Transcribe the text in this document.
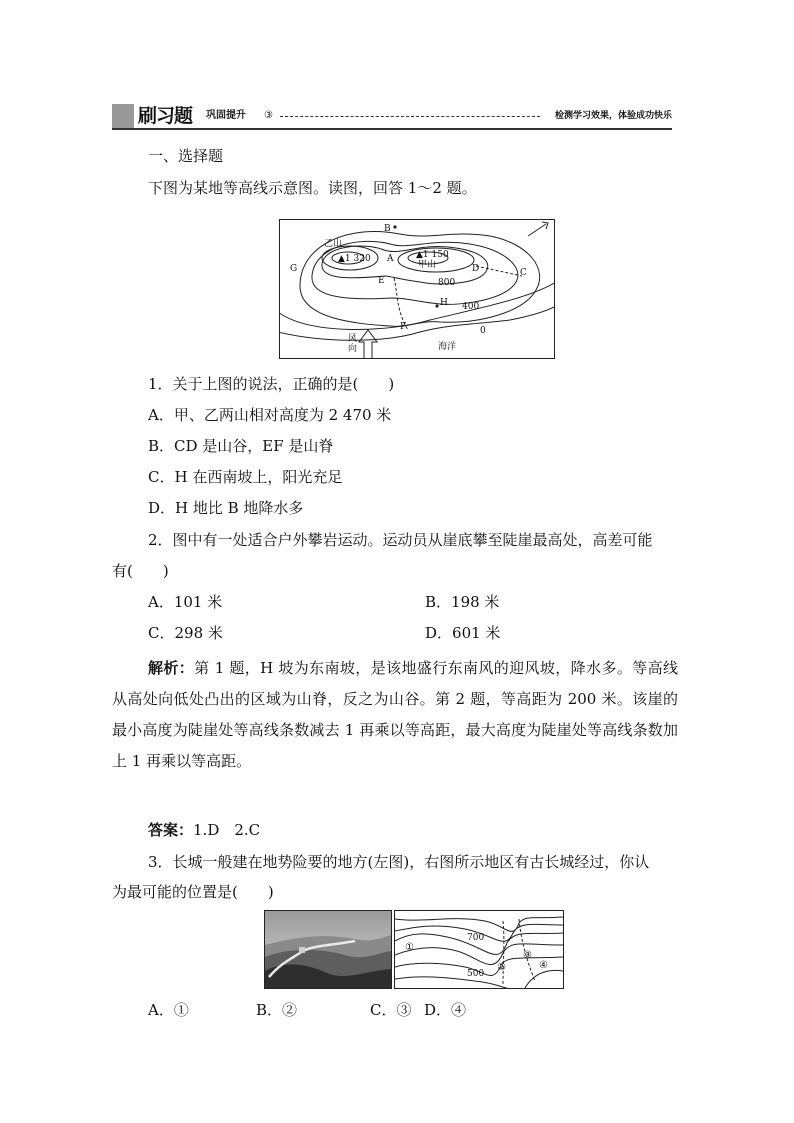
刷习题 巩固提升 ③	检测学习效果，体验成功快乐
一、选择题
下图为某地等高线示意图。读图，回答 1～2 题。
B
乙山
▲1 320 A	▲1 150
甲山	D	C
G
E	800
H 400
F	0
风
向	海洋
1．关于上图的说法，正确的是(　　)
A．甲、乙两山相对高度为 2 470 米
B．CD 是山谷，EF 是山脊
C．H 在西南坡上，阳光充足
D．H 地比 B 地降水多
2．图中有一处适合户外攀岩运动。运动员从崖底攀至陡崖最高处，高差可能
有(　　)
A．101 米	B．198 米
C．298 米	D．601 米
解析：第 1 题，H 坡为东南坡，是该地盛行东南风的迎风坡，降水多。等高线从高处向低处凸出的区域为山脊，反之为山谷。第 2 题，等高距为 200 米。该崖的最小高度为陡崖处等高线条数减去 1 再乘以等高距，最大高度为陡崖处等高线条数加上 1 再乘以等高距。
答案：1.D　2.C
3．长城一般建在地势险要的地方(左图)，右图所示地区有古长城经过，你认
为最可能的位置是(　　)
700
500
①
②
③
④
A．①	B．②	C．③ D．④
